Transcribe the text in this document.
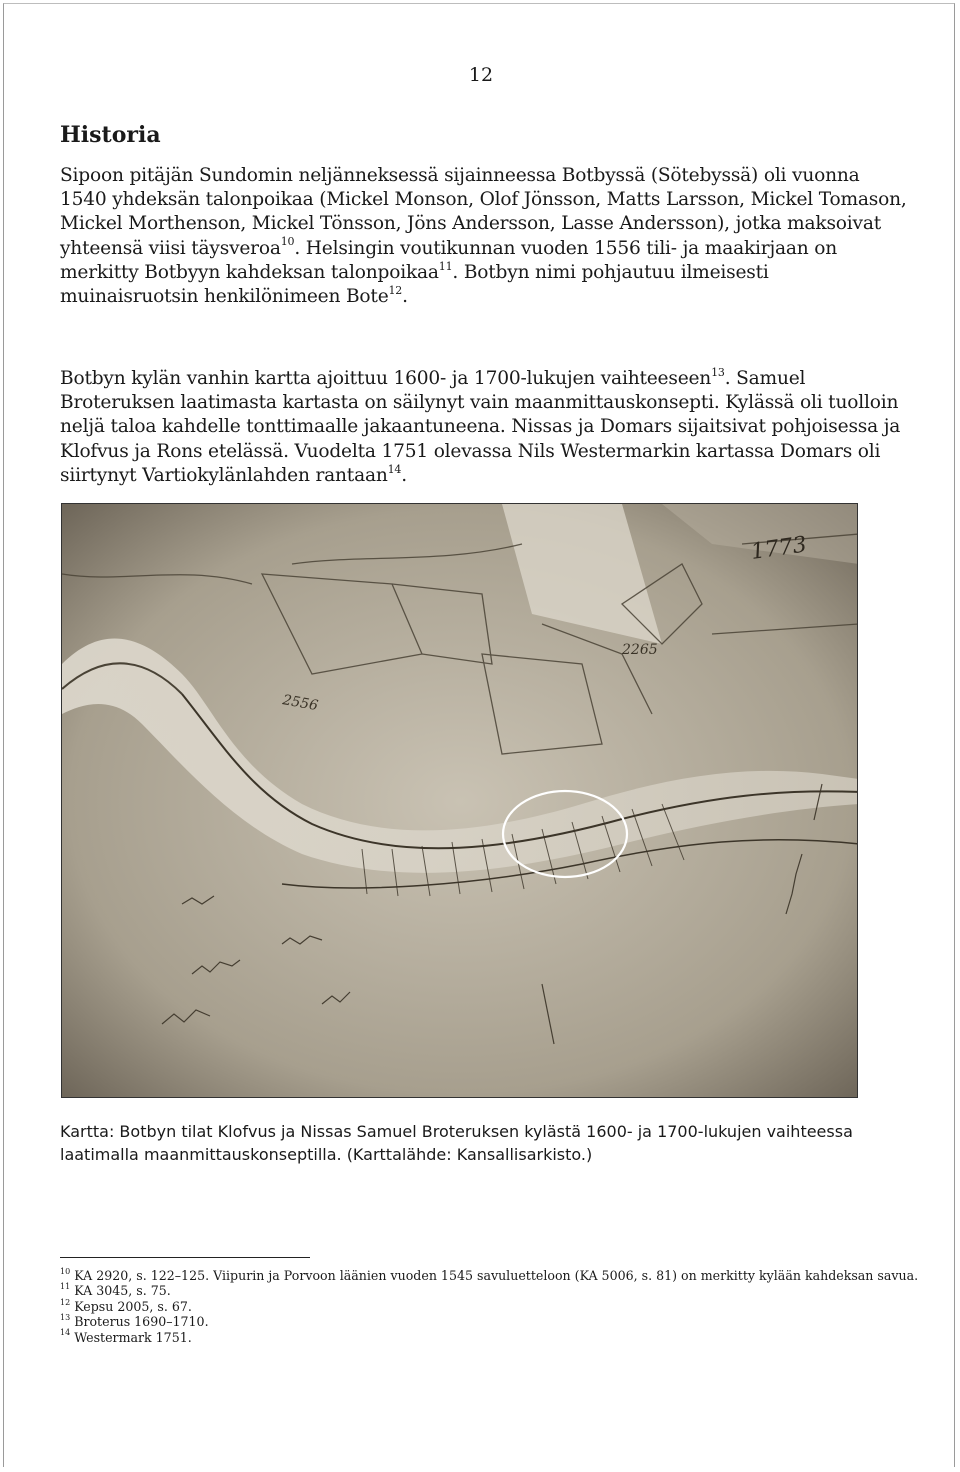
12
Historia

Sipoon pitäjän Sundomin neljänneksessä sijainneessa Botbyssä (Sötebyssä) oli vuonna 1540 yhdeksän talonpoikaa (Mickel Monson, Olof Jönsson, Matts Larsson, Mickel Tomason, Mickel Morthenson, Mickel Tönsson, Jöns Andersson, Lasse Andersson), jotka maksoivat yhteensä viisi täysveroa$^{10}$. Helsingin voutikunnan vuoden 1556 tili- ja maakirjaan on merkitty Botbyyn kahdeksan talonpoikaa$^{11}$. Botbyn nimi pohjautuu ilmeisesti muinaisruotsin henkilönimeen Bote$^{12}$.

Botbyn kylän vanhin kartta ajoittuu 1600- ja 1700-lukujen vaihteeseen$^{13}$. Samuel Broteruksen laatimasta kartasta on säilynyt vain maanmittauskonsepti. Kylässä oli tuolloin neljä taloa kahdelle tonttimaalle jakaantuneena. Nissas ja Domars sijaitsivat pohjoisessa ja Klofvus ja Rons etelässä. Vuodelta 1751 olevassa Nils Westermarkin kartassa Domars oli siirtynyt Vartiokylänlahden rantaan$^{14}$.

1773
2265
2556

Kartta: Botbyn tilat Klofvus ja Nissas Samuel Broteruksen kylästä 1600- ja 1700-lukujen vaihteessa laatimalla maanmittauskonseptilla. (Karttalähde: Kansallisarkisto.)

$^{10}$ KA 2920, s. 122–125. Viipurin ja Porvoon läänien vuoden 1545 savuluetteloon (KA 5006, s. 81) on merkitty kylään kahdeksan savua.
$^{11}$ KA 3045, s. 75.
$^{12}$ Kepsu 2005, s. 67.
$^{13}$ Broterus 1690–1710.
$^{14}$ Westermark 1751.
